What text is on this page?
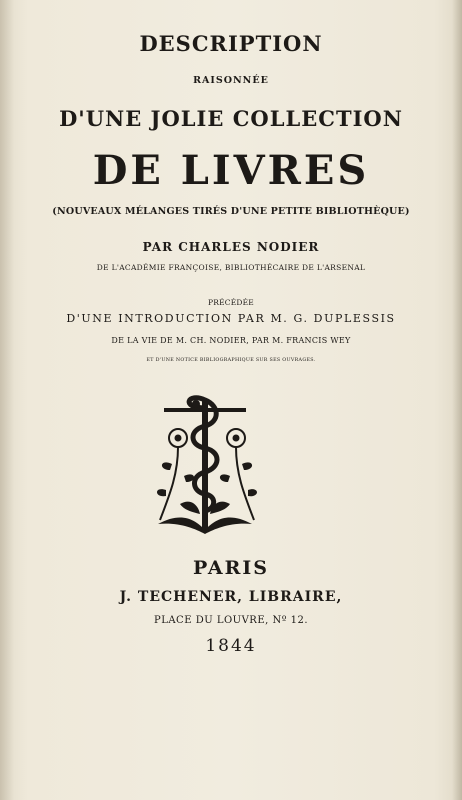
DESCRIPTION
RAISONNÉE
D'UNE JOLIE COLLECTION
DE LIVRES
(NOUVEAUX MÉLANGES TIRÉS D'UNE PETITE BIBLIOTHÈQUE)
PAR CHARLES NODIER
DE L'ACADÉMIE FRANÇOISE, BIBLIOTHÉCAIRE DE L'ARSENAL
PRÉCÉDÉE
D'UNE INTRODUCTION PAR M. G. DUPLESSIS
DE LA VIE DE M. CH. NODIER, PAR M. FRANCIS WEY
ET D'UNE NOTICE BIBLIOGRAPHIQUE SUR SES OUVRAGES.
PARIS
J. TECHENER, LIBRAIRE,
PLACE DU LOUVRE, Nº 12.
1844
